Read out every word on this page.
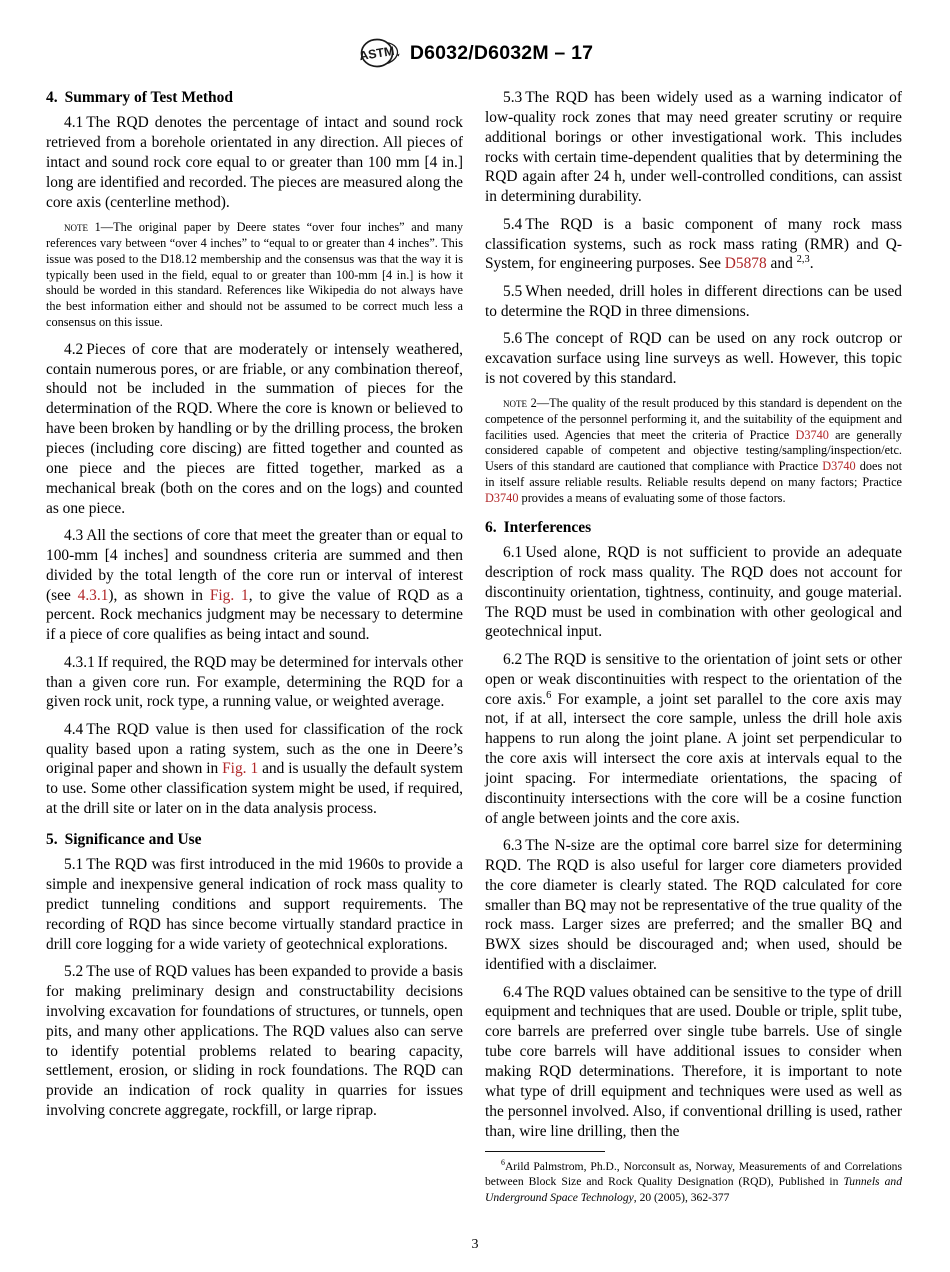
ASTM D6032/D6032M – 17
4. Summary of Test Method

4.1 The RQD denotes the percentage of intact and sound rock retrieved from a borehole orientated in any direction. All pieces of intact and sound rock core equal to or greater than 100 mm [4 in.] long are identified and recorded. The pieces are measured along the core axis (centerline method).

note 1—The original paper by Deere states “over four inches” and many references vary between “over 4 inches” to “equal to or greater than 4 inches”. This issue was posed to the D18.12 membership and the consensus was that the way it is typically been used in the field, equal to or greater than 100-mm [4 in.] is how it should be worded in this standard. References like Wikipedia do not always have the best information either and should not be assumed to be correct much less a consensus on this issue.

4.2 Pieces of core that are moderately or intensely weathered, contain numerous pores, or are friable, or any combination thereof, should not be included in the summation of pieces for the determination of the RQD. Where the core is known or believed to have been broken by handling or by the drilling process, the broken pieces (including core discing) are fitted together and counted as one piece and the pieces are fitted together, marked as a mechanical break (both on the cores and on the logs) and counted as one piece.

4.3 All the sections of core that meet the greater than or equal to 100-mm [4 inches] and soundness criteria are summed and then divided by the total length of the core run or interval of interest (see 4.3.1), as shown in Fig. 1, to give the value of RQD as a percent. Rock mechanics judgment may be necessary to determine if a piece of core qualifies as being intact and sound.

4.3.1 If required, the RQD may be determined for intervals other than a given core run. For example, determining the RQD for a given rock unit, rock type, a running value, or weighted average.

4.4 The RQD value is then used for classification of the rock quality based upon a rating system, such as the one in Deere’s original paper and shown in Fig. 1 and is usually the default system to use. Some other classification system might be used, if required, at the drill site or later on in the data analysis process.

5. Significance and Use

5.1 The RQD was first introduced in the mid 1960s to provide a simple and inexpensive general indication of rock mass quality to predict tunneling conditions and support requirements. The recording of RQD has since become virtually standard practice in drill core logging for a wide variety of geotechnical explorations.

5.2 The use of RQD values has been expanded to provide a basis for making preliminary design and constructability decisions involving excavation for foundations of structures, or tunnels, open pits, and many other applications. The RQD values also can serve to identify potential problems related to bearing capacity, settlement, erosion, or sliding in rock foundations. The RQD can provide an indication of rock quality in quarries for issues involving concrete aggregate, rockfill, or large riprap.

5.3 The RQD has been widely used as a warning indicator of low-quality rock zones that may need greater scrutiny or require additional borings or other investigational work. This includes rocks with certain time-dependent qualities that by determining the RQD again after 24 h, under well-controlled conditions, can assist in determining durability.

5.4 The RQD is a basic component of many rock mass classification systems, such as rock mass rating (RMR) and Q-System, for engineering purposes. See D5878 and $^{2,3}$.

5.5 When needed, drill holes in different directions can be used to determine the RQD in three dimensions.

5.6 The concept of RQD can be used on any rock outcrop or excavation surface using line surveys as well. However, this topic is not covered by this standard.

note 2—The quality of the result produced by this standard is dependent on the competence of the personnel performing it, and the suitability of the equipment and facilities used. Agencies that meet the criteria of Practice D3740 are generally considered capable of competent and objective testing/sampling/inspection/etc. Users of this standard are cautioned that compliance with Practice D3740 does not in itself assure reliable results. Reliable results depend on many factors; Practice D3740 provides a means of evaluating some of those factors.

6. Interferences

6.1 Used alone, RQD is not sufficient to provide an adequate description of rock mass quality. The RQD does not account for discontinuity orientation, tightness, continuity, and gouge material. The RQD must be used in combination with other geological and geotechnical input.

6.2 The RQD is sensitive to the orientation of joint sets or other open or weak discontinuities with respect to the orientation of the core axis.$^6$ For example, a joint set parallel to the core axis may not, if at all, intersect the core sample, unless the drill hole axis happens to run along the joint plane. A joint set perpendicular to the core axis will intersect the core axis at intervals equal to the joint spacing. For intermediate orientations, the spacing of discontinuity intersections with the core will be a cosine function of angle between joints and the core axis.

6.3 The N-size are the optimal core barrel size for determining RQD. The RQD is also useful for larger core diameters provided the core diameter is clearly stated. The RQD calculated for core smaller than BQ may not be representative of the true quality of the rock mass. Larger sizes are preferred; and the smaller BQ and BWX sizes should be discouraged and; when used, should be identified with a disclaimer.

6.4 The RQD values obtained can be sensitive to the type of drill equipment and techniques that are used. Double or triple, split tube, core barrels are preferred over single tube barrels. Use of single tube core barrels will have additional issues to consider when making RQD determinations. Therefore, it is important to note what type of drill equipment and techniques were used as well as the personnel involved. Also, if conventional drilling is used, rather than, wire line drilling, then the

$^6$Arild Palmstrom, Ph.D., Norconsult as, Norway, Measurements of and Correlations between Block Size and Rock Quality Designation (RQD), Published in Tunnels and Underground Space Technology, 20 (2005), 362-377

3
